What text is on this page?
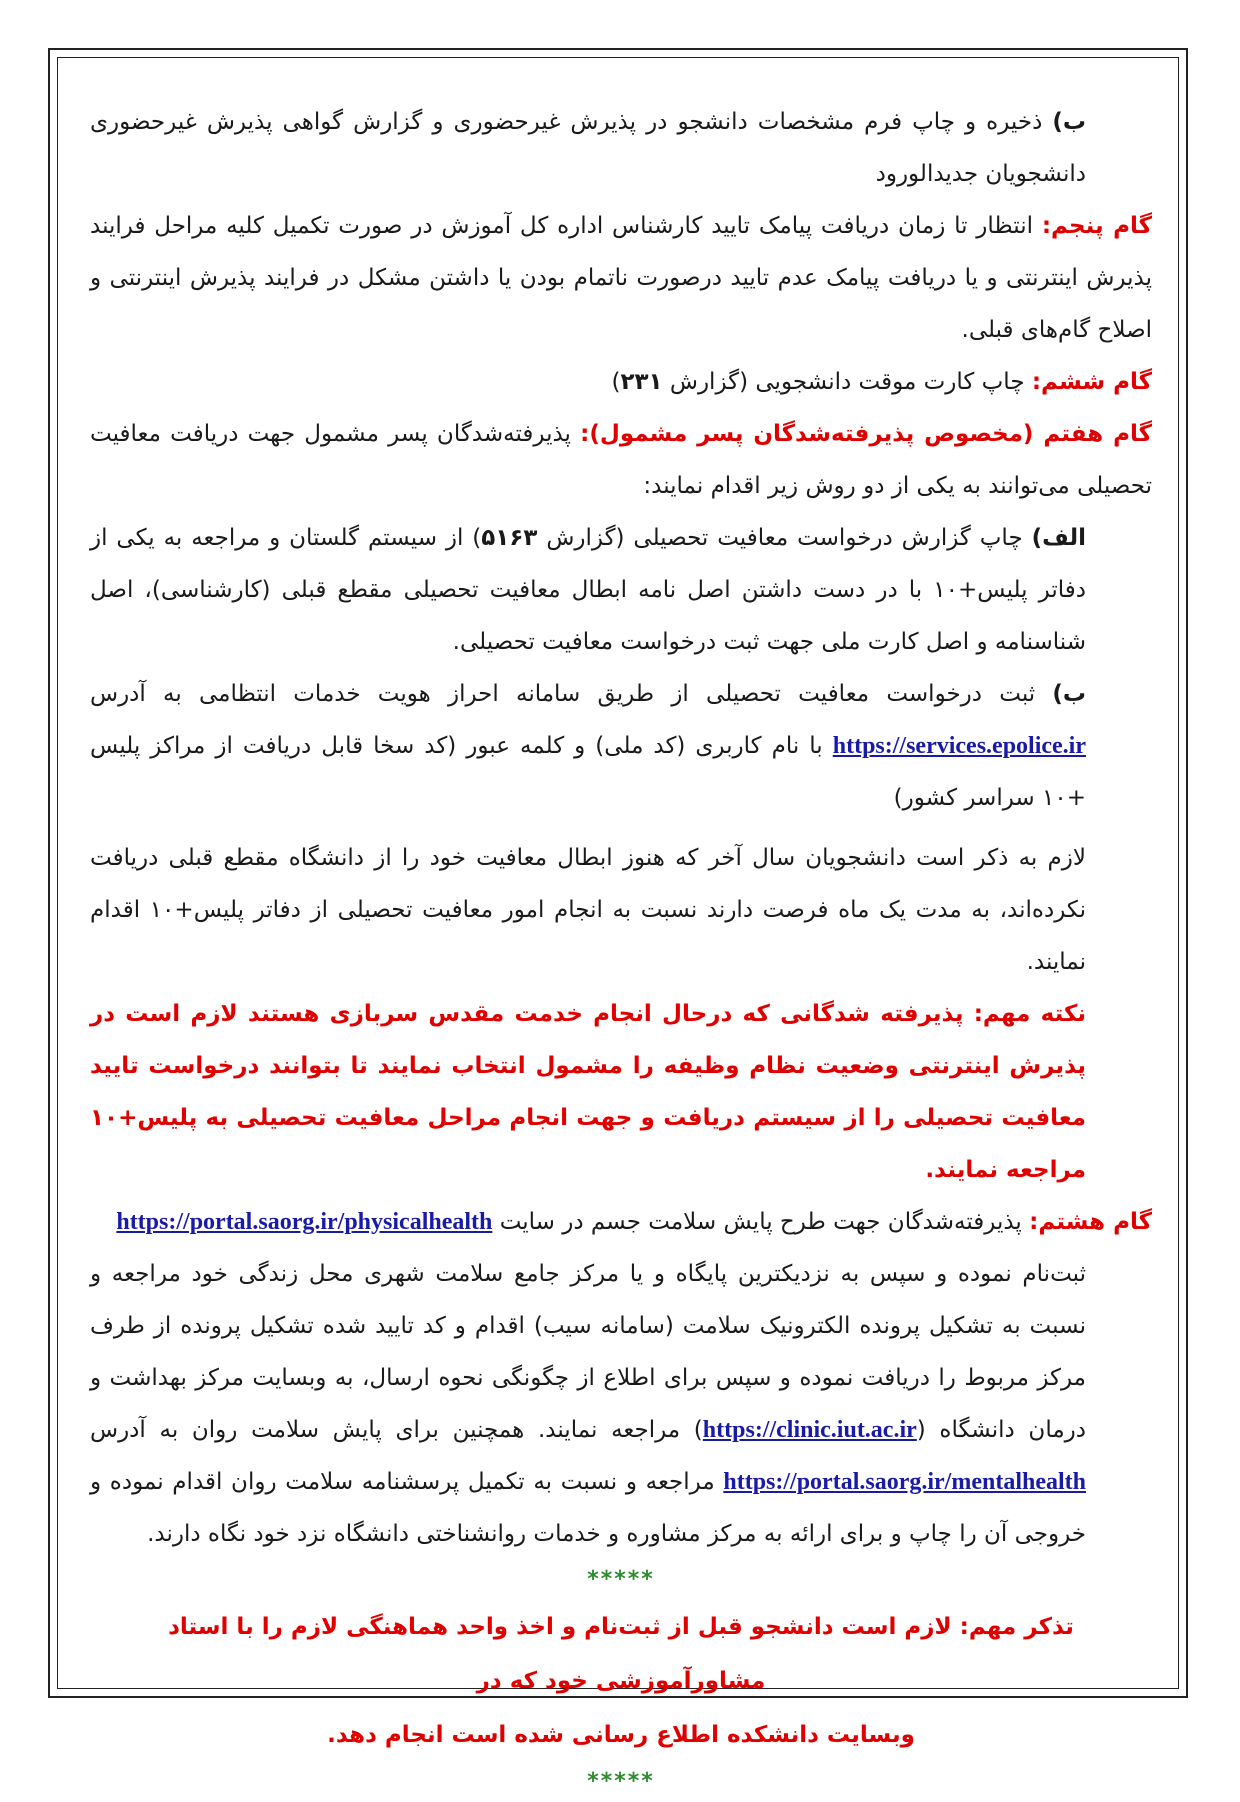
ب) ذخیره و چاپ فرم مشخصات دانشجو در پذیرش غیرحضوری و گزارش گواهی پذیرش غیرحضوری دانشجویان جدیدالورود

گام پنجم: انتظار تا زمان دریافت پیامک تایید کارشناس اداره کل آموزش در صورت تکمیل کلیه مراحل فرایند پذیرش اینترنتی و یا دریافت پیامک عدم تایید درصورت ناتمام بودن یا داشتن مشکل در فرایند پذیرش اینترنتی و اصلاح گام‌های قبلی.

گام ششم: چاپ کارت موقت دانشجویی (گزارش ۲۳۱)

گام هفتم (مخصوص پذیرفته‌شدگان پسر مشمول): پذیرفته‌شدگان پسر مشمول جهت دریافت معافیت تحصیلی می‌توانند به یکی از دو روش زیر اقدام نمایند:

الف) چاپ گزارش درخواست معافیت تحصیلی (گزارش ۵۱۶۳) از سیستم گلستان و مراجعه به یکی از دفاتر پلیس+۱۰ با در دست داشتن اصل نامه ابطال معافیت تحصیلی مقطع قبلی (کارشناسی)، اصل شناسنامه و اصل کارت ملی جهت ثبت درخواست معافیت تحصیلی.

ب) ثبت درخواست معافیت تحصیلی از طریق سامانه احراز هویت خدمات انتظامی به آدرس https://services.epolice.ir با نام کاربری (کد ملی) و کلمه عبور (کد سخا قابل دریافت از مراکز پلیس +۱۰ سراسر کشور)

لازم به ذکر است دانشجویان سال آخر که هنوز ابطال معافیت خود را از دانشگاه مقطع قبلی دریافت نکرده‌اند، به مدت یک ماه فرصت دارند نسبت به انجام امور معافیت تحصیلی از دفاتر پلیس+۱۰ اقدام نمایند.

نکته مهم: پذیرفته شدگانی که درحال انجام خدمت مقدس سربازی هستند لازم است در پذیرش اینترنتی وضعیت نظام وظیفه را مشمول انتخاب نمایند تا بتوانند درخواست تایید معافیت تحصیلی را از سیستم دریافت و جهت انجام مراحل معافیت تحصیلی به پلیس+۱۰ مراجعه نمایند.

گام هشتم: پذیرفته‌شدگان جهت طرح پایش سلامت جسم در سایت https://portal.saorg.ir/physicalhealth

ثبت‌نام نموده و سپس به نزدیکترین پایگاه و یا مرکز جامع سلامت شهری محل زندگی خود مراجعه و نسبت به تشکیل پرونده الکترونیک سلامت (سامانه سیب) اقدام و کد تایید شده تشکیل پرونده از طرف مرکز مربوط را دریافت نموده و سپس برای اطلاع از چگونگی نحوه ارسال، به وبسایت مرکز بهداشت و درمان دانشگاه (https://clinic.iut.ac.ir) مراجعه نمایند. همچنین برای پایش سلامت روان به آدرس https://portal.saorg.ir/mentalhealth مراجعه و نسبت به تکمیل پرسشنامه سلامت روان اقدام نموده و خروجی آن را چاپ و برای ارائه به مرکز مشاوره و خدمات روانشناختی دانشگاه نزد خود نگاه دارند.

*****
تذکر مهم: لازم است دانشجو قبل از ثبت‌نام و اخذ واحد هماهنگی لازم را با استاد مشاورآموزشی خود که در
وبسایت دانشکده اطلاع رسانی شده است انجام دهد.
*****
